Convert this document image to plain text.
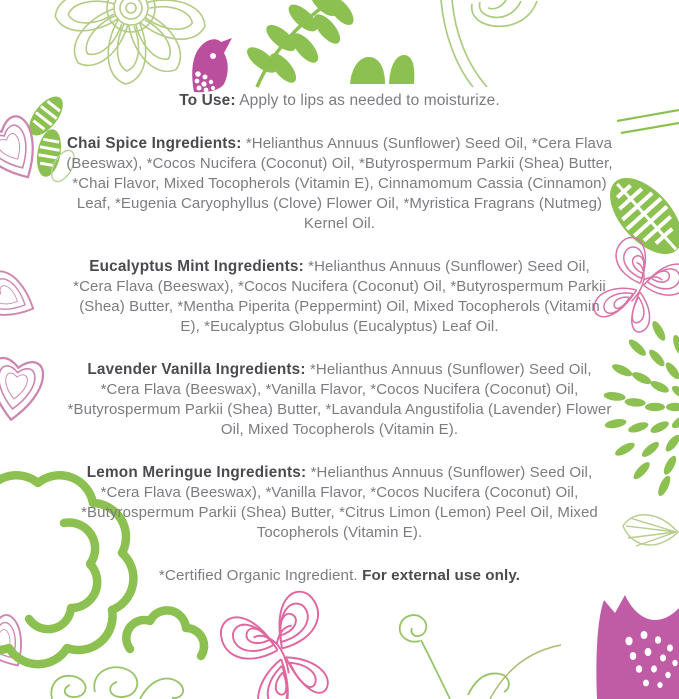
To Use: Apply to lips as needed to moisturize.

Chai Spice Ingredients: *Helianthus Annuus (Sunflower) Seed Oil, *Cera Flava (Beeswax), *Cocos Nucifera (Coconut) Oil, *Butyrospermum Parkii (Shea) Butter, *Chai Flavor, Mixed Tocopherols (Vitamin E), Cinnamomum Cassia (Cinnamon) Leaf, *Eugenia Caryophyllus (Clove) Flower Oil, *Myristica Fragrans (Nutmeg) Kernel Oil.

Eucalyptus Mint Ingredients: *Helianthus Annuus (Sunflower) Seed Oil, *Cera Flava (Beeswax), *Cocos Nucifera (Coconut) Oil, *Butyrospermum Parkii (Shea) Butter, *Mentha Piperita (Peppermint) Oil, Mixed Tocopherols (Vitamin E), *Eucalyptus Globulus (Eucalyptus) Leaf Oil.

Lavender Vanilla Ingredients: *Helianthus Annuus (Sunflower) Seed Oil, *Cera Flava (Beeswax), *Vanilla Flavor, *Cocos Nucifera (Coconut) Oil, *Butyrospermum Parkii (Shea) Butter, *Lavandula Angustifolia (Lavender) Flower Oil, Mixed Tocopherols (Vitamin E).

Lemon Meringue Ingredients: *Helianthus Annuus (Sunflower) Seed Oil, *Cera Flava (Beeswax), *Vanilla Flavor, *Cocos Nucifera (Coconut) Oil, *Butyrospermum Parkii (Shea) Butter, *Citrus Limon (Lemon) Peel Oil, Mixed Tocopherols (Vitamin E).

*Certified Organic Ingredient. For external use only.
